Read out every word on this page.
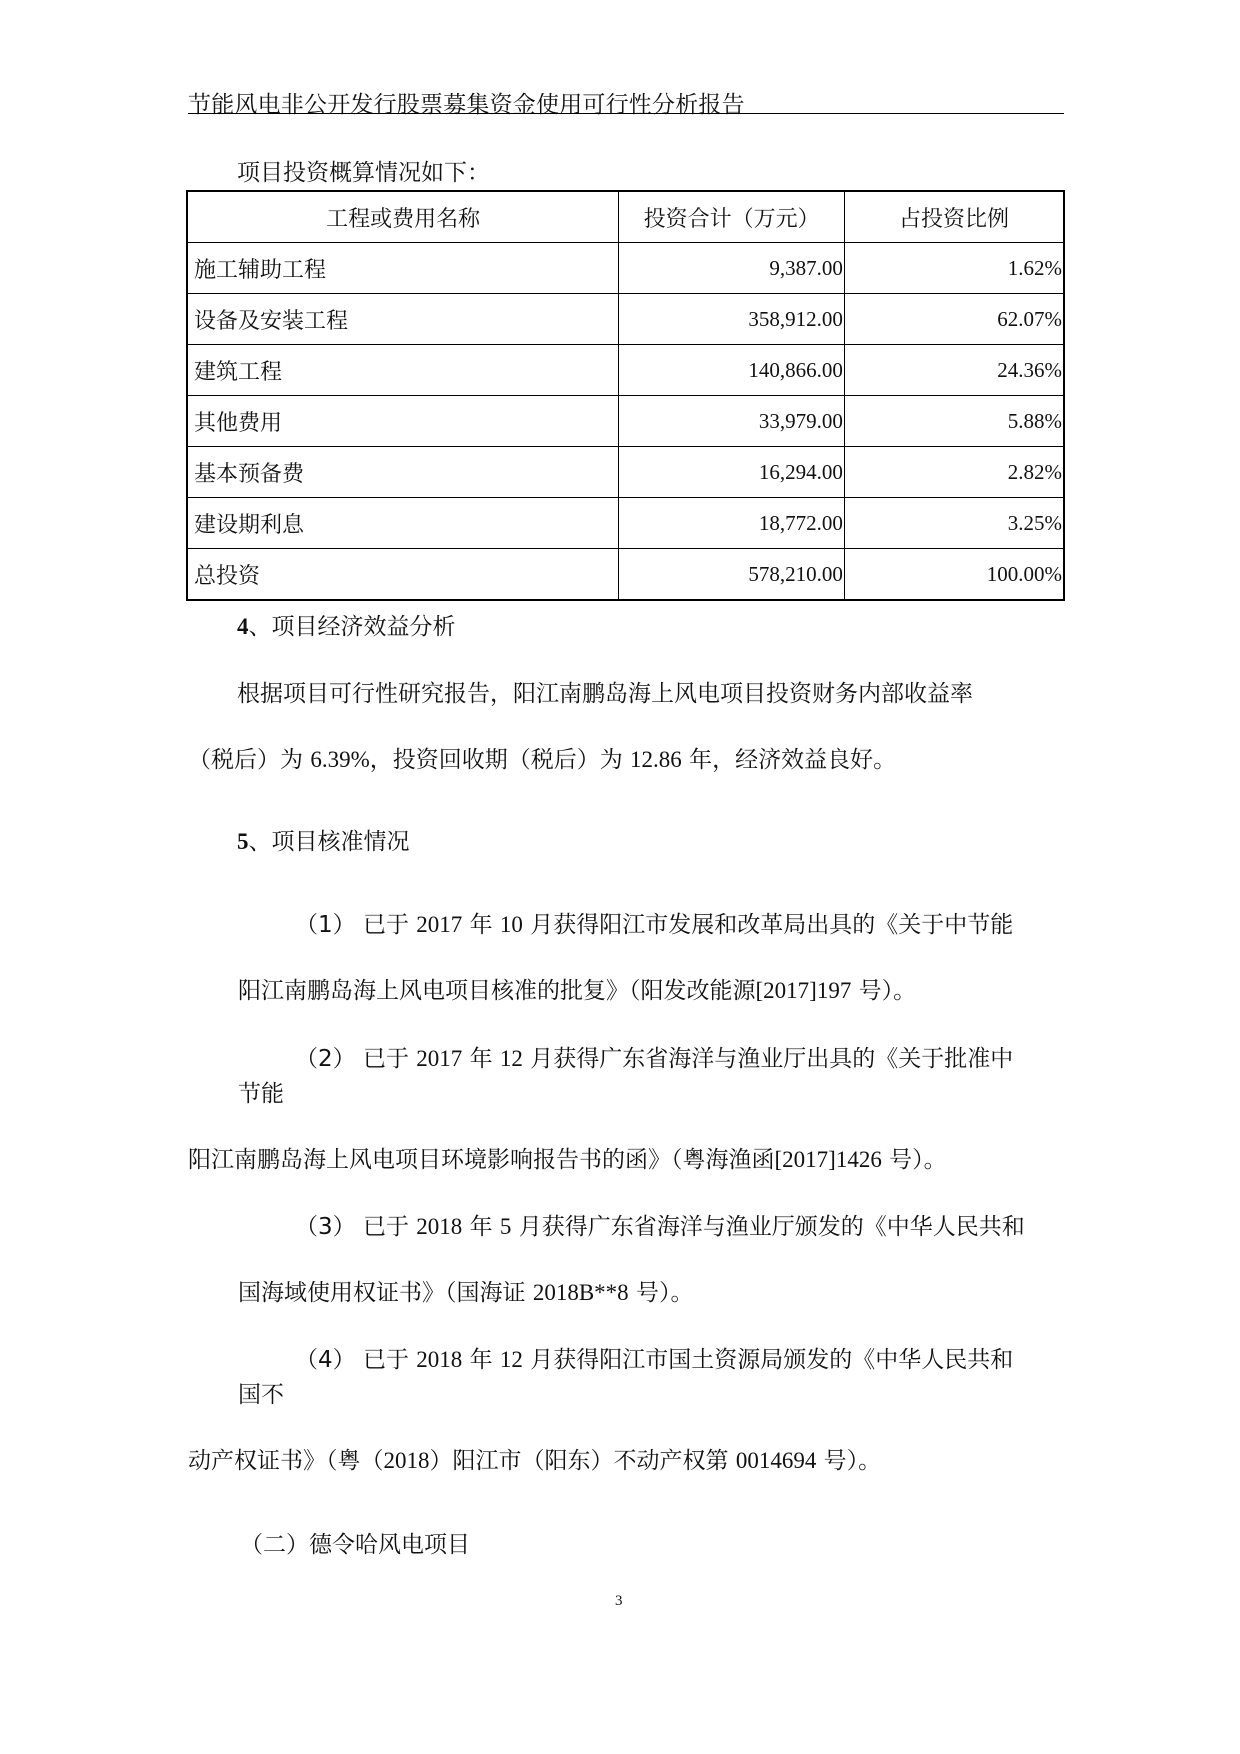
节能风电非公开发行股票募集资金使用可行性分析报告
项目投资概算情况如下：
工程或费用名称	投资合计（万元）	占投资比例
施工辅助工程	9,387.00	1.62%
设备及安装工程	358,912.00	62.07%
建筑工程	140,866.00	24.36%
其他费用	33,979.00	5.88%
基本预备费	16,294.00	2.82%
建设期利息	18,772.00	3.25%
总投资	578,210.00	100.00%
4、项目经济效益分析
根据项目可行性研究报告，阳江南鹏岛海上风电项目投资财务内部收益率
（税后）为 6.39%，投资回收期（税后）为 12.86 年，经济效益良好。
5、项目核准情况
（1） 已于 2017 年 10 月获得阳江市发展和改革局出具的《关于中节能
阳江南鹏岛海上风电项目核准的批复》（阳发改能源[2017]197 号）。
（2） 已于 2017 年 12 月获得广东省海洋与渔业厅出具的《关于批准中
节能
阳江南鹏岛海上风电项目环境影响报告书的函》（粤海渔函[2017]1426 号）。
（3） 已于 2018 年 5 月获得广东省海洋与渔业厅颁发的《中华人民共和
国海域使用权证书》（国海证 2018B**8 号）。
（4） 已于 2018 年 12 月获得阳江市国土资源局颁发的《中华人民共和
国不
动产权证书》（粤（2018）阳江市（阳东）不动产权第 0014694 号）。
（二）德令哈风电项目
3
